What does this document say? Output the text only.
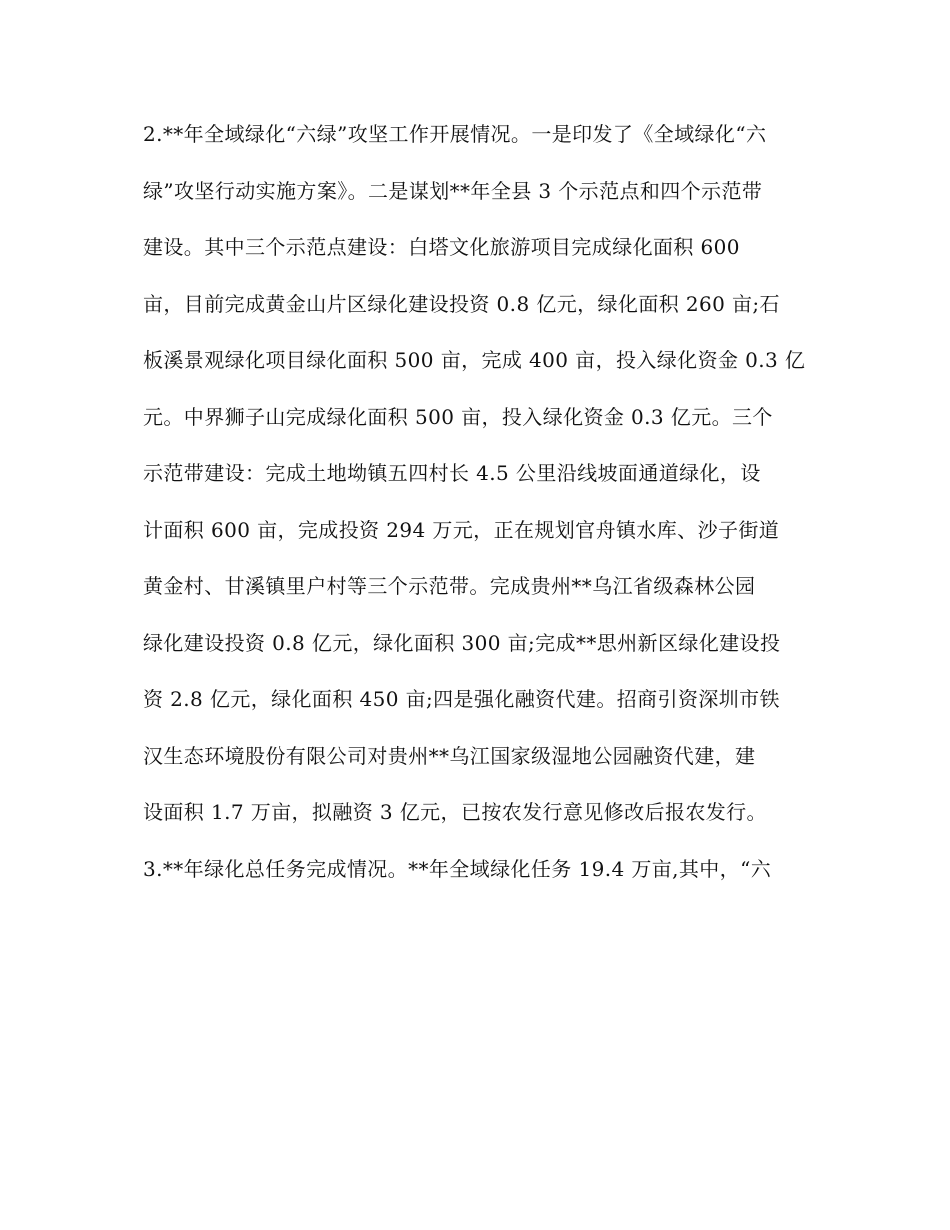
2.**年全域绿化“六绿”攻坚工作开展情况。一是印发了《全域绿化“六
绿”攻坚行动实施方案》。二是谋划**年全县 3 个示范点和四个示范带
建设。其中三个示范点建设：白塔文化旅游项目完成绿化面积 600
亩，目前完成黄金山片区绿化建设投资 0.8 亿元，绿化面积 260 亩;石
板溪景观绿化项目绿化面积 500 亩，完成 400 亩，投入绿化资金 0.3 亿
元。中界狮子山完成绿化面积 500 亩，投入绿化资金 0.3 亿元。三个
示范带建设：完成土地坳镇五四村长 4.5 公里沿线坡面通道绿化，设
计面积 600 亩，完成投资 294 万元，正在规划官舟镇水库、沙子街道
黄金村、甘溪镇里户村等三个示范带。完成贵州**乌江省级森林公园
绿化建设投资 0.8 亿元，绿化面积 300 亩;完成**思州新区绿化建设投
资 2.8 亿元，绿化面积 450 亩;四是强化融资代建。招商引资深圳市铁
汉生态环境股份有限公司对贵州**乌江国家级湿地公园融资代建，建
设面积 1.7 万亩，拟融资 3 亿元，已按农发行意见修改后报农发行。
3.**年绿化总任务完成情况。**年全域绿化任务 19.4 万亩,其中，“六
